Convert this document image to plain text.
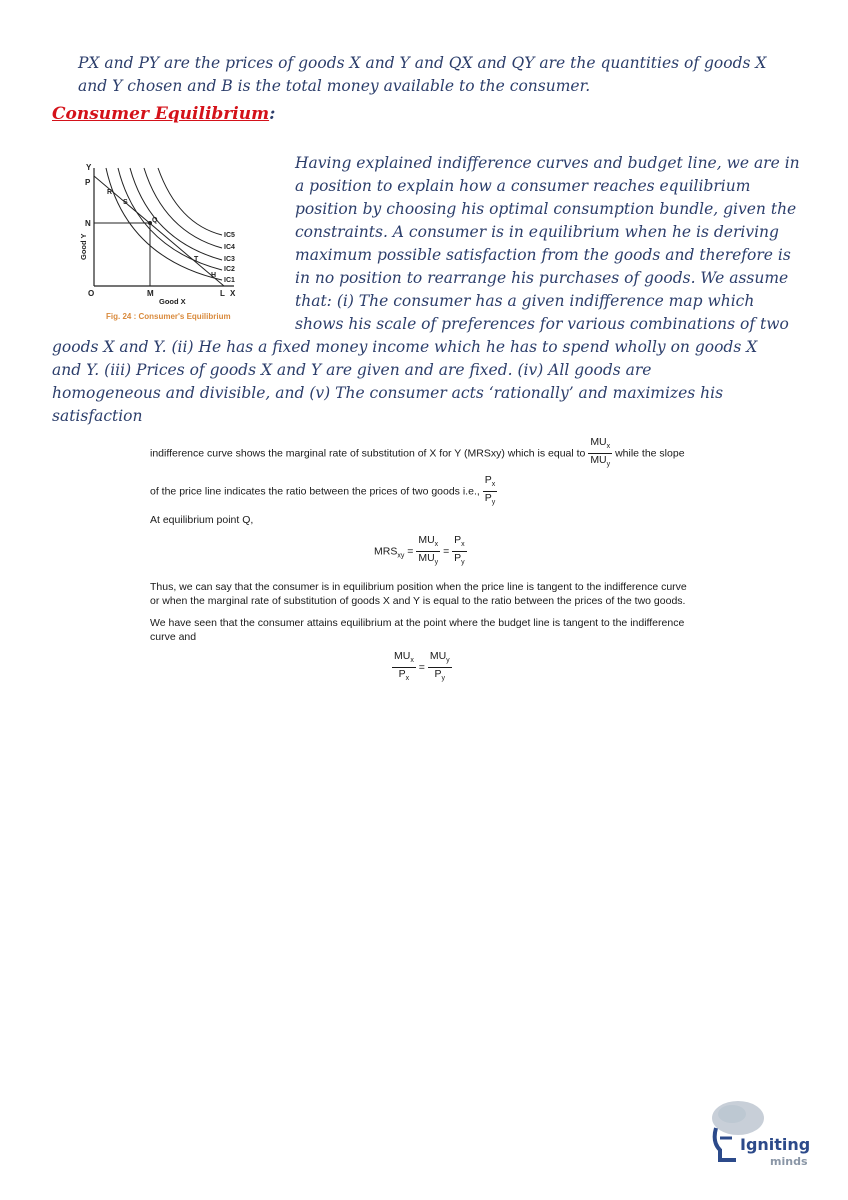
PX and PY are the prices of goods X and Y and QX and QY are the quantities of goods X
and Y chosen and B is the total money available to the consumer.
Consumer Equilibrium:
Y
P
N
O	M	L X
R
S
Q
T
H
IC5
IC4
IC3
IC2
IC1
Good X
Good Y
Fig. 24 : Consumer's Equilibrium
Having explained indifference curves and budget line, we are in
a position to explain how a consumer reaches equilibrium
position by choosing his optimal consumption bundle, given the
constraints. A consumer is in equilibrium when he is deriving
maximum possible satisfaction from the goods and therefore is
in no position to rearrange his purchases of goods. We assume
that: (i) The consumer has a given indifference map which
shows his scale of preferences for various combinations of two
goods X and Y. (ii) He has a fixed money income which he has to spend wholly on goods X
and Y. (iii) Prices of goods X and Y are given and are fixed. (iv) All goods are
homogeneous and divisible, and (v) The consumer acts ‘rationally’ and maximizes his
satisfaction
indifference curve shows the marginal rate of substitution of X for Y (MRSxy) which is equal to $\frac{MU_x}{MU_y}$ while the slope
of the price line indicates the ratio between the prices of two goods i.e., $\frac{P_x}{P_y}$
At equilibrium point Q,
$MRS_{xy} = \frac{MU_x}{MU_y} = \frac{P_x}{P_y}$
Thus, we can say that the consumer is in equilibrium position when the price line is tangent to the indifference curve
or when the marginal rate of substitution of goods X and Y is equal to the ratio between the prices of the two goods.
We have seen that the consumer attains equilibrium at the point where the budget line is tangent to the indifference
curve and
$\frac{MU_x}{P_x} = \frac{MU_y}{P_y}$
Igniting
minds
